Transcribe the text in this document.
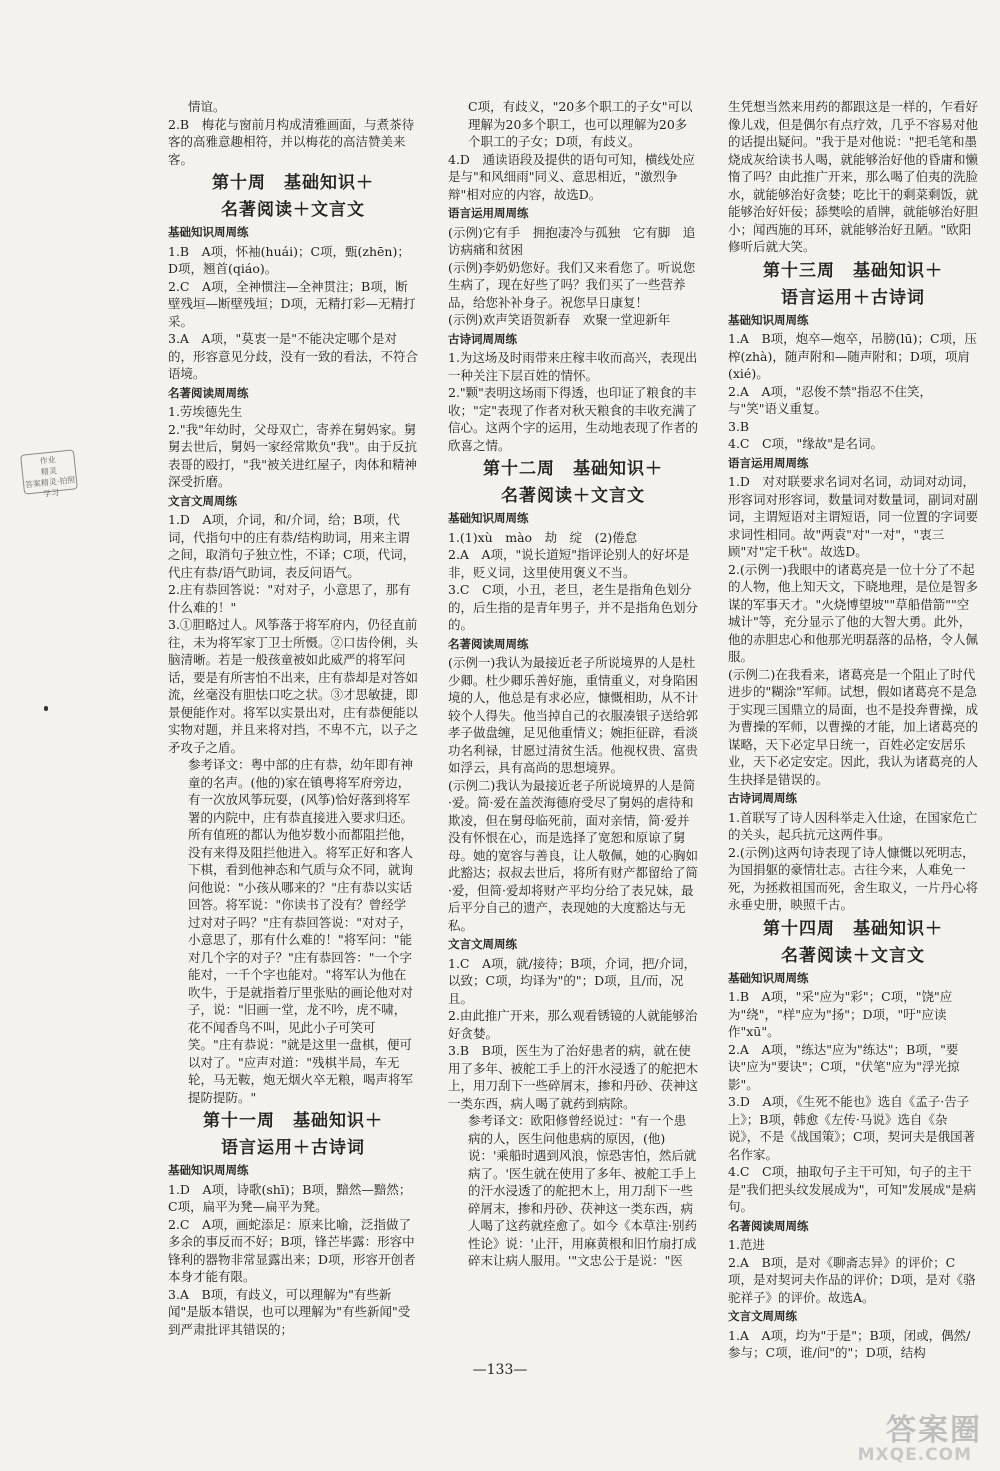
作业
精灵
答案精灵·拍照学习
情谊。
2.B　梅花与窗前月构成清雅画面，与煮茶待客的高雅意趣相符，并以梅花的高洁赞美来客。
第十周　基础知识＋
名著阅读＋文言文
基础知识周周练
1.B　A项，怀袖(huái)；C项，甄(zhēn)；D项，翘首(qiáo)。
2.C　A项，全神惯注—全神贯注；B项，断壁残垣—断壁残垣；D项，无精打彩—无精打采。
3.A　A项，"莫衷一是"不能决定哪个是对的，形容意见分歧，没有一致的看法，不符合语境。
名著阅读周周练
1.劳埃德先生
2."我"年幼时，父母双亡，寄养在舅妈家。舅舅去世后，舅妈一家经常欺负"我"。由于反抗表哥的殴打，"我"被关进红屋子，肉体和精神深受折磨。
文言文周周练
1.D　A项，介词，和/介词，给；B项，代词，代指句中的庄有恭/结构助词，用来主谓之间，取消句子独立性，不译；C项，代词，代庄有恭/语气助词，表反问语气。
2.庄有恭回答说："对对子，小意思了，那有什么难的！"
3.①胆略过人。风筝落于将军府内，仍径直前往，未为将军家丁卫士所慑。②口齿伶俐，头脑清晰。若是一般孩童被如此威严的将军问话，要是有所害怕不出来，庄有恭却是对答如流，丝毫没有胆怯口吃之状。③才思敏捷，即景便能作对。将军以实景出对，庄有恭便能以实物对题，并且来将对挡，不卑不亢，以子之矛攻子之盾。
参考译文：粤中部的庄有恭，幼年即有神童的名声。(他的)家在镇粤将军府旁边，有一次放风筝玩耍，(风筝)恰好落到将军署的内院中，庄有恭直接进入要求归还。所有值班的都认为他岁数小而都阻拦他，没有来得及阻拦他进入。将军正好和客人下棋，看到他神态和气质与众不同，就询问他说："小孩从哪来的？"庄有恭以实话回答。将军说："你读书了没有？曾经学过对对子吗？"庄有恭回答说："对对子，小意思了，那有什么难的！"将军问："能对几个字的对子？"庄有恭回答："一个字能对，一千个字也能对。"将军认为他在吹牛，于是就指着厅里张贴的画论他对对子，说："旧画一堂，龙不吟，虎不啸，花不闻香鸟不叫，见此小子可笑可笑。"庄有恭说："就是这里一盘棋，便可以对了。"应声对道："残棋半局，车无轮，马无鞍，炮无烟火卒无粮，喝声将军提防提防。"
第十一周　基础知识＋
语言运用＋古诗词
基础知识周周练
1.D　A项，诗歌(shī)；B项，黯然—黯然；C项，扁平为凳—扁平为凳。
2.C　A项，画蛇添足：原来比喻，泛指做了多余的事反而不好；B项，锋芒毕露：形容中锋利的器物非常显露出来；D项，形容开创者本身才能有限。
3.A　B项，有歧义，可以理解为"有些新闻"是版本错误，也可以理解为"有些新闻"受到严肃批评其错误的；
C项，有歧义，"20多个职工的子女"可以理解为20多个职工，也可以理解为20多个职工的子女；D项，有歧义。
4.D　通读语段及提供的语句可知，横线处应是与"和风细雨"同义、意思相近，"激烈争辩"相对应的内容，故选D。
语言运用周周练
(示例)它有手　拥抱凄冷与孤独　它有脚　追访病痛和贫困
(示例)李奶奶您好。我们又来看您了。听说您生病了，现在好些了吗？我们买了一些营养品，给您补补身子。祝您早日康复！
(示例)欢声笑语贺新春　欢聚一堂迎新年
古诗词周周练
1.为这场及时雨带来庄稼丰收而高兴，表现出一种关注下层百姓的情怀。
2."颗"表明这场雨下得透，也印证了粮食的丰收；"定"表现了作者对秋天粮食的丰收充满了信心。这两个字的运用，生动地表现了作者的欣喜之情。
第十二周　基础知识＋
名著阅读＋文言文
基础知识周周练
1.(1)xù　mào　劫　绽　(2)倦怠
2.A　A项，"说长道短"指评论别人的好坏是非，贬义词，这里使用褒义不当。
3.C　C项，小丑，老旦，老生是指角色划分的，后生指的是青年男子，并不是指角色划分的。
名著阅读周周练
(示例一)我认为最接近老子所说境界的人是杜少卿。杜少卿乐善好施，重情重义，对身陷困境的人，他总是有求必应，慷慨相助，从不计较个人得失。他当掉自己的衣服凑银子送给郭孝子做盘缠，足见他重情义；婉拒征辟，看淡功名利禄，甘愿过清贫生活。他视权贵、富贵如浮云，具有高尚的思想境界。
(示例二)我认为最接近老子所说境界的人是简·爱。简·爱在盖茨海德府受尽了舅妈的虐待和欺凌，但在舅母临死前，面对亲情，简·爱并没有怀恨在心，而是选择了宽恕和原谅了舅母。她的宽容与善良，让人敬佩，她的心胸如此豁达；叔叔去世后，将所有财产都留给了简·爱，但简·爱却将财产平均分给了表兄妹，最后平分自己的遗产，表现她的大度豁达与无私。
文言文周周练
1.C　A项，就/接待；B项，介词，把/介词，以致；C项，均译为"的"；D项，且/而，况且。
2.由此推广开来，那么观看锈镜的人就能够治好贪婪。
3.B　B项，医生为了治好患者的病，就在使用了多年、被舵工手上的汗水浸透了的舵把木上，用刀刮下一些碎屑末，掺和丹砂、茯神这一类东西，病人喝了就药到病除。
参考译文：欧阳修曾经说过："有一个患病的人，医生问他患病的原因，(他)说：'乘船时遇到风浪，惊恐害怕，然后就病了。'医生就在使用了多年、被舵工手上的汗水浸透了的舵把木上，用刀刮下一些碎屑末，掺和丹砂、茯神这一类东西，病人喝了这药就痊愈了。如今《本草注·别药性论》说：'止汗，用麻黄根和旧竹扇打成碎末让病人服用。'"文忠公于是说："医
生凭想当然来用药的都跟这是一样的，乍看好像儿戏，但是偶尔有点疗效，几乎不容易对他的话提出疑问。"我于是对他说："把毛笔和墨烧成灰给读书人喝，就能够治好他的昏庸和懒惰了吗？由此推广开来，那么喝了伯夷的洗脸水，就能够治好贪婪；吃比干的剩菜剩饭，就能够治好奸佞；舔樊哙的盾牌，就能够治好胆小；闻西施的耳环，就能够治好丑陋。"欧阳修听后就大笑。
第十三周　基础知识＋
语言运用＋古诗词
基础知识周周练
1.A　B项，炮卒—炮卒，吊膀(lū)；C项，压榨(zhà)，随声附和—随声附和；D项，项肩(xié)。
2.A　A项，"忍俊不禁"指忍不住笑，与"笑"语义重复。
3.B
4.C　C项，"缘故"是名词。
语言运用周周练
1.D　对对联要求名词对名词，动词对动词，形容词对形容词，数量词对数量词，副词对副词，主谓短语对主谓短语，同一位置的字词要求词性相同。故"两袁"对"一对"，"衷三顾"对"定千秋"。故选D。
2.(示例一)我眼中的诸葛亮是一位十分了不起的人物，他上知天文，下晓地理，是位是智多谋的军事天才。"火烧博望坡""草船借箭""空城计"等，充分显示了他的大智大勇。此外，他的赤胆忠心和他那光明磊落的品格，令人佩服。
(示例二)在我看来，诸葛亮是一个阻止了时代进步的"糊涂"军师。试想，假如诸葛亮不是急于实现三国鼎立的局面，也不是投奔曹操，成为曹操的军师，以曹操的才能，加上诸葛亮的谋略，天下必定早日统一，百姓必定安居乐业，天下必定安定。因此，我认为诸葛亮的人生抉择是错误的。
古诗词周周练
1.首联写了诗人因科举走入仕途，在国家危亡的关头，起兵抗元这两件事。
2.(示例)这两句诗表现了诗人慷慨以死明志，为国捐躯的豪情壮志。古往今来，人难免一死，为拯救祖国而死，舍生取义，一片丹心将永垂史册，映照千古。
第十四周　基础知识＋
名著阅读＋文言文
基础知识周周练
1.B　A项，"采"应为"彩"；C项，"饶"应为"绕"，"样"应为"扬"；D项，"吁"应读作"xū"。
2.A　A项，"练达"应为"练达"；B项，"要诀"应为"要诀"；C项，"伏笔"应为"浮光掠影"。
3.D　A项，《生死不能也》选自《孟子·告子上》；B项，韩愈《左传·马说》选自《杂说》，不是《战国策》；C项，契诃夫是俄国著名作家。
4.C　C项，抽取句子主干可知，句子的主干是"我们把头纹发展成为"，可知"发展成"是病句。
名著阅读周周练
1.范进
2.A　B项，是对《聊斋志异》的评价；C项，是对契诃夫作品的评价；D项，是对《骆驼祥子》的评价。故选A。
文言文周周练
1.A　A项，均为"于是"；B项，闭或，偶然/参与；C项，谁/问"的"；D项，结构
—133—
答案圈
MXQE.COM
